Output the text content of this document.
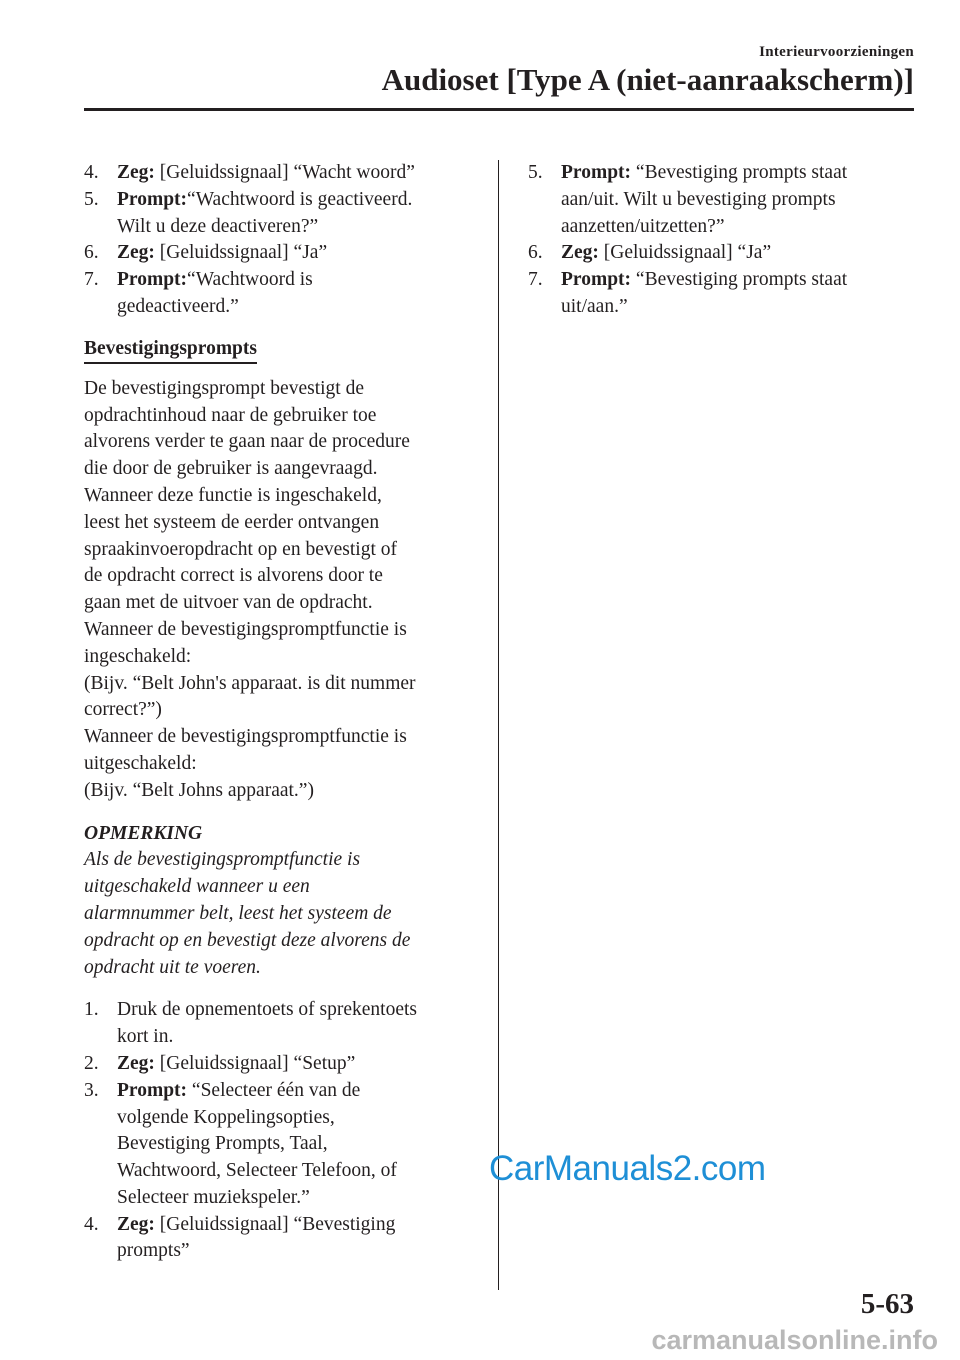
Interieurvoorzieningen
Audioset [Type A (niet-aanraakscherm)]
4. Zeg: [Geluidssignaal] “Wacht woord”
5. Prompt:“Wachtwoord is geactiveerd.
Wilt u deze deactiveren?”
6. Zeg: [Geluidssignaal] “Ja”
7. Prompt:“Wachtwoord is
gedeactiveerd.”
Bevestigingsprompts
De bevestigingsprompt bevestigt de
opdrachtinhoud naar de gebruiker toe
alvorens verder te gaan naar de procedure
die door de gebruiker is aangevraagd.
Wanneer deze functie is ingeschakeld,
leest het systeem de eerder ontvangen
spraakinvoeropdracht op en bevestigt of
de opdracht correct is alvorens door te
gaan met de uitvoer van de opdracht.
Wanneer de bevestigingspromptfunctie is
ingeschakeld:
(Bijv. “Belt John's apparaat. is dit nummer
correct?”)
Wanneer de bevestigingspromptfunctie is
uitgeschakeld:
(Bijv. “Belt Johns apparaat.”)
OPMERKING
Als de bevestigingspromptfunctie is
uitgeschakeld wanneer u een
alarmnummer belt, leest het systeem de
opdracht op en bevestigt deze alvorens de
opdracht uit te voeren.
1. Druk de opnementoets of sprekentoets
kort in.
2. Zeg: [Geluidssignaal] “Setup”
3. Prompt: “Selecteer één van de
volgende Koppelingsopties,
Bevestiging Prompts, Taal,
Wachtwoord, Selecteer Telefoon, of
Selecteer muziekspeler.”
4. Zeg: [Geluidssignaal] “Bevestiging
prompts”
5. Prompt: “Bevestiging prompts staat
aan/uit. Wilt u bevestiging prompts
aanzetten/uitzetten?”
6. Zeg: [Geluidssignaal] “Ja”
7. Prompt: “Bevestiging prompts staat
uit/aan.”
CarManuals2.com
5-63
carmanualsonline.info
